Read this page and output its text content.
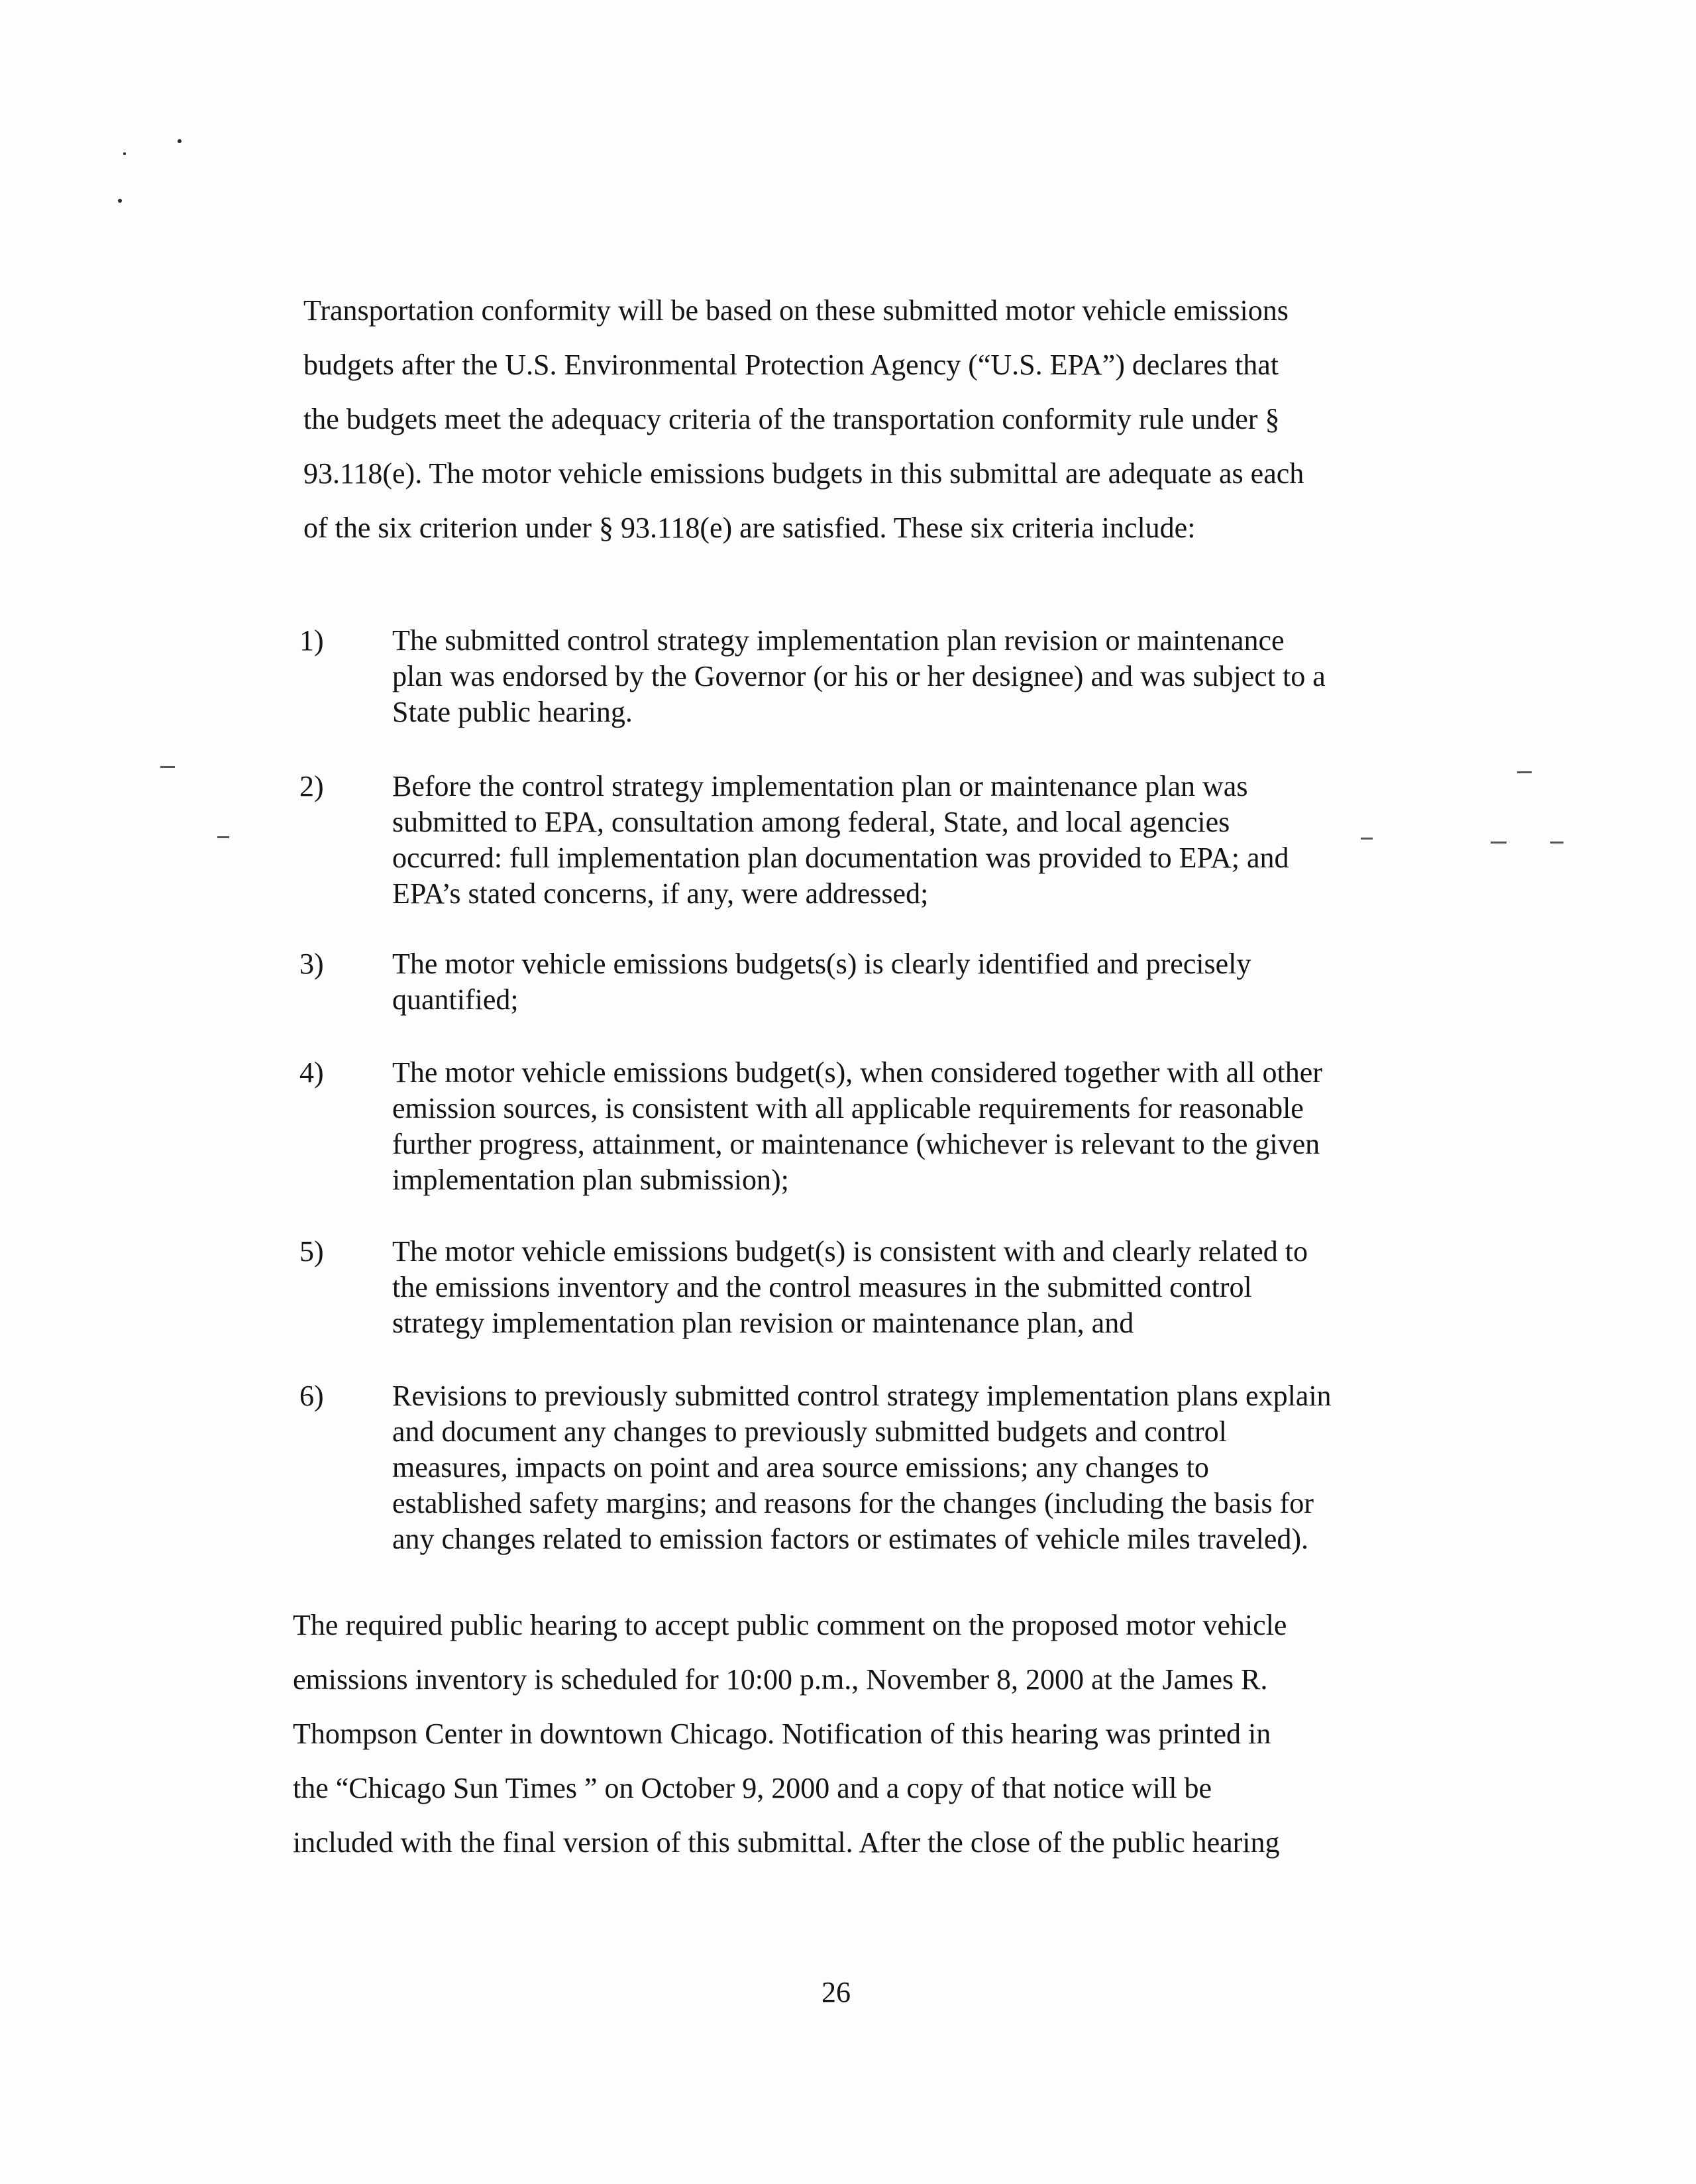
Transportation conformity will be based on these submitted motor vehicle emissions
budgets after the U.S. Environmental Protection Agency (“U.S. EPA”) declares that
the budgets meet the adequacy criteria of the transportation conformity rule under §
93.118(e). The motor vehicle emissions budgets in this submittal are adequate as each
of the six criterion under § 93.118(e) are satisfied. These six criteria include:
1) The submitted control strategy implementation plan revision or maintenance
plan was endorsed by the Governor (or his or her designee) and was subject to a
State public hearing.
2) Before the control strategy implementation plan or maintenance plan was
submitted to EPA, consultation among federal, State, and local agencies
occurred: full implementation plan documentation was provided to EPA; and
EPA’s stated concerns, if any, were addressed;
3) The motor vehicle emissions budgets(s) is clearly identified and precisely
quantified;
4) The motor vehicle emissions budget(s), when considered together with all other
emission sources, is consistent with all applicable requirements for reasonable
further progress, attainment, or maintenance (whichever is relevant to the given
implementation plan submission);
5) The motor vehicle emissions budget(s) is consistent with and clearly related to
the emissions inventory and the control measures in the submitted control
strategy implementation plan revision or maintenance plan, and
6) Revisions to previously submitted control strategy implementation plans explain
and document any changes to previously submitted budgets and control
measures, impacts on point and area source emissions; any changes to
established safety margins; and reasons for the changes (including the basis for
any changes related to emission factors or estimates of vehicle miles traveled).
The required public hearing to accept public comment on the proposed motor vehicle
emissions inventory is scheduled for 10:00 p.m., November 8, 2000 at the James R.
Thompson Center in downtown Chicago. Notification of this hearing was printed in
the “Chicago Sun Times ” on October 9, 2000 and a copy of that notice will be
included with the final version of this submittal. After the close of the public hearing
26
